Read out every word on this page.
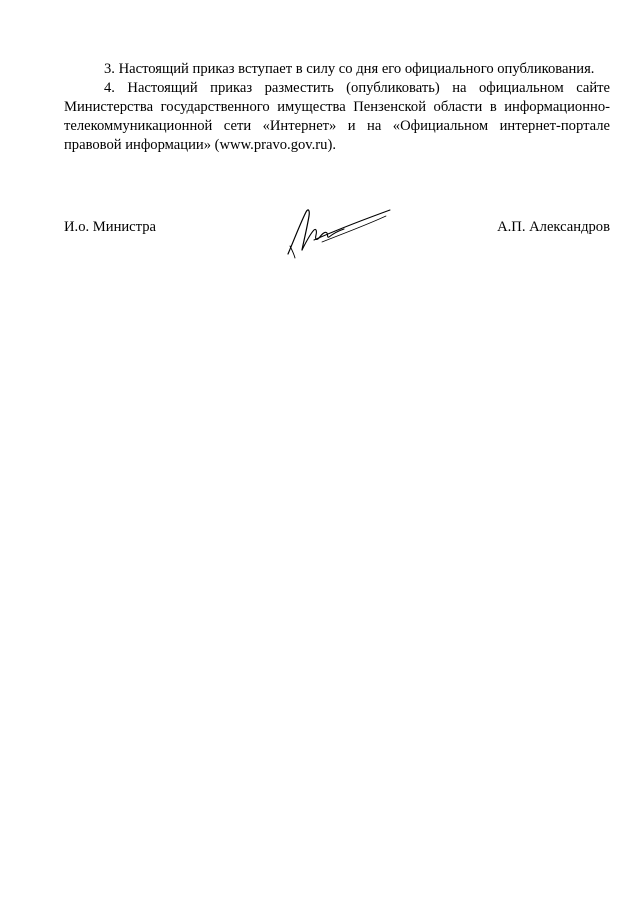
3. Настоящий приказ вступает в силу со дня его официального опубликования.

4. Настоящий приказ разместить (опубликовать) на официальном сайте Министерства государственного имущества Пензенской области в информационно-телекоммуникационной сети «Интернет» и на «Официальном интернет-портале правовой информации» (www.pravo.gov.ru).

И.о. Министра	А.П. Александров
